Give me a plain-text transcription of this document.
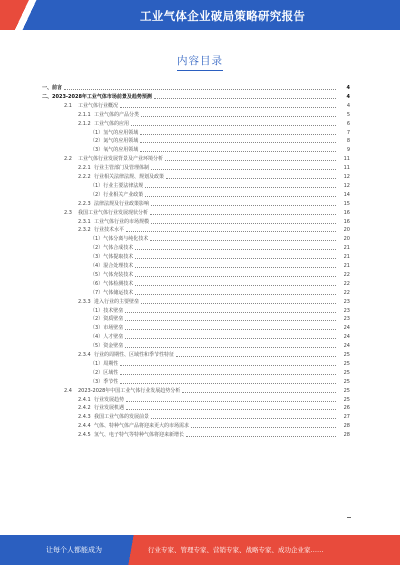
工业气体企业破局策略研究报告
内容目录
一、前言	4
二、2023-2028年工业气体市场前景及趋势预测	4
2.1 工业气体行业概况	4
2.1.1 工业气体的产品分类	5
2.1.2 工业气体的应用	6
（1）氢气的应用领域	7
（2）氮气的应用领域	8
（3）氧气的应用领域	9
2.2 工业气体行业发展背景及产业环境分析	11
2.2.1 行业主管部门及管理体制	11
2.2.2 行业相关法律法规、规划及政策	12
（1）行业主要法律法规	12
（2）行业相关产业政策	14
2.2.3 法律法规及行业政策影响	15
2.3 我国工业气体行业发展现状分析	16
2.3.1 工业气体行业的市场规模	16
2.3.2 行业技术水平	20
（1）气体分离与纯化技术	20
（2）气体合成技术	21
（3）气体提取技术	21
（4）混合处理技术	21
（5）气体充装技术	22
（6）气体检测技术	22
（7）气体储运技术	22
2.3.3 进入行业的主要壁垒	23
（1）技术壁垒	23
（2）资质壁垒	23
（3）市场壁垒	24
（4）人才壁垒	24
（5）资金壁垒	24
2.3.4 行业的周期性、区域性和季节性特征	25
（1）周期性	25
（2）区域性	25
（3）季节性	25
2.4 2023-2028年中国工业气体行业发展趋势分析	25
2.4.1 行业发展趋势	25
2.4.2 行业发展机遇	26
2.4.3 我国工业气体的发展前景	27
2.4.4 气体、特种气体产品将迎来更大的市场需求	28
2.4.5 氢气、电子特气等特种气体将迎来新增长	28
让每个人都能成为	行业专家、管理专家、营销专家、战略专家、成功企业家……
